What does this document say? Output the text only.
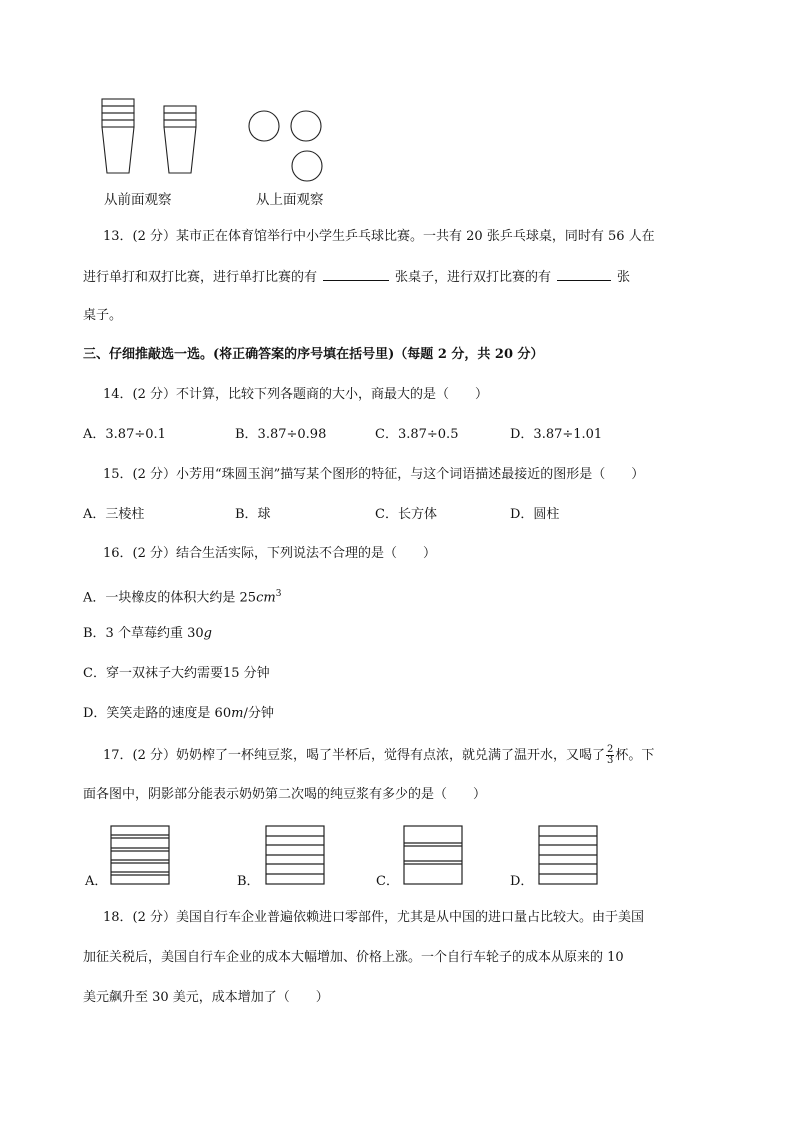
从前面观察	从上面观察
13．(2 分）某市正在体育馆举行中小学生乒乓球比赛。一共有 20 张乒乓球桌，同时有 56 人在
进行单打和双打比赛，进行单打比赛的有	张桌子，进行双打比赛的有	张
桌子。
三、仔细推敲选一选。(将正确答案的序号填在括号里)（每题 2 分，共 20 分）
14．(2 分）不计算，比较下列各题商的大小，商最大的是（　　）
A．3.87÷0.1	B．3.87÷0.98	C．3.87÷0.5	D．3.87÷1.01
15．(2 分）小芳用“珠圆玉润”描写某个图形的特征，与这个词语描述最接近的图形是（　　）
A．三棱柱	B．球	C．长方体	D．圆柱
16．(2 分）结合生活实际，下列说法不合理的是（　　）
A．一块橡皮的体积大约是 $25cm^3$
B．3 个草莓约重 30g
C．穿一双袜子大约需要15 分钟
D．笑笑走路的速度是 60m/分钟
17．(2 分）奶奶榨了一杯纯豆浆，喝了半杯后，觉得有点浓，就兑满了温开水，又喝了 $\frac{2}{3}$ 杯。下
面各图中，阴影部分能表示奶奶第二次喝的纯豆浆有多少的是（　　）
A．	B．	C．	D．
18．(2 分）美国自行车企业普遍依赖进口零部件，尤其是从中国的进口量占比较大。由于美国
加征关税后，美国自行车企业的成本大幅增加、价格上涨。一个自行车轮子的成本从原来的 10
美元飙升至 30 美元，成本增加了（　　）
